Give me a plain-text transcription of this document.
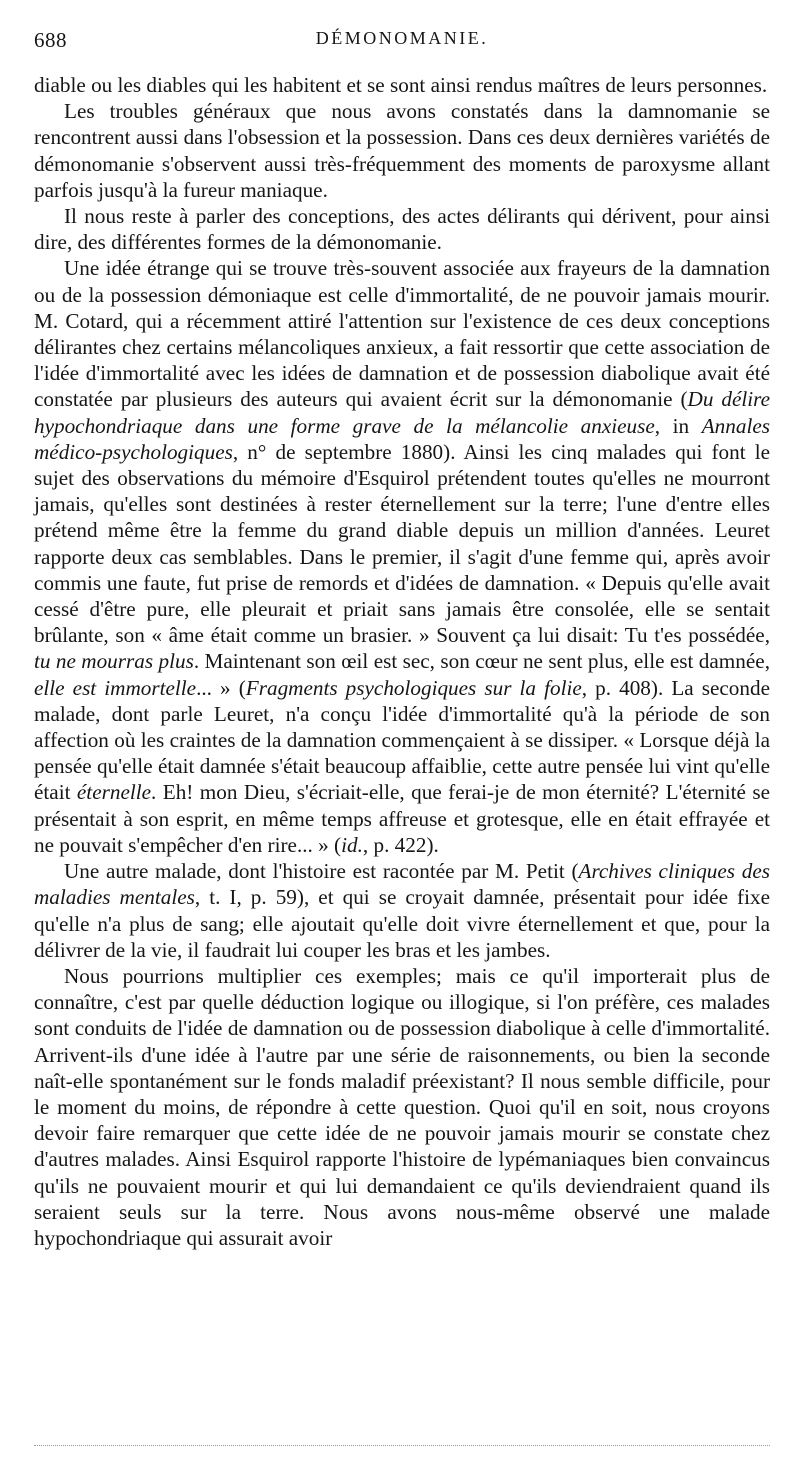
688	DÉMONOMANIE.

diable ou les diables qui les habitent et se sont ainsi rendus maîtres de leurs personnes.

Les troubles généraux que nous avons constatés dans la damnomanie se rencontrent aussi dans l'obsession et la possession. Dans ces deux dernières variétés de démonomanie s'observent aussi très-fréquemment des moments de paroxysme allant parfois jusqu'à la fureur maniaque.

Il nous reste à parler des conceptions, des actes délirants qui dérivent, pour ainsi dire, des différentes formes de la démonomanie.

Une idée étrange qui se trouve très-souvent associée aux frayeurs de la damnation ou de la possession démoniaque est celle d'immortalité, de ne pouvoir jamais mourir. M. Cotard, qui a récemment attiré l'attention sur l'existence de ces deux conceptions délirantes chez certains mélancoliques anxieux, a fait ressortir que cette association de l'idée d'immortalité avec les idées de damnation et de possession diabolique avait été constatée par plusieurs des auteurs qui avaient écrit sur la démonomanie (Du délire hypochondriaque dans une forme grave de la mélancolie anxieuse, in Annales médico-psychologiques, n° de septembre 1880). Ainsi les cinq malades qui font le sujet des observations du mémoire d'Esquirol prétendent toutes qu'elles ne mourront jamais, qu'elles sont destinées à rester éternellement sur la terre; l'une d'entre elles prétend même être la femme du grand diable depuis un million d'années. Leuret rapporte deux cas semblables. Dans le premier, il s'agit d'une femme qui, après avoir commis une faute, fut prise de remords et d'idées de damnation. « Depuis qu'elle avait cessé d'être pure, elle pleurait et priait sans jamais être consolée, elle se sentait brûlante, son « âme était comme un brasier. » Souvent ça lui disait: Tu t'es possédée, tu ne mourras plus. Maintenant son œil est sec, son cœur ne sent plus, elle est damnée, elle est immortelle... » (Fragments psychologiques sur la folie, p. 408). La seconde malade, dont parle Leuret, n'a conçu l'idée d'immortalité qu'à la période de son affection où les craintes de la damnation commençaient à se dissiper. « Lorsque déjà la pensée qu'elle était damnée s'était beaucoup affaiblie, cette autre pensée lui vint qu'elle était éternelle. Eh! mon Dieu, s'écriait-elle, que ferai-je de mon éternité? L'éternité se présentait à son esprit, en même temps affreuse et grotesque, elle en était effrayée et ne pouvait s'empêcher d'en rire... » (id., p. 422).

Une autre malade, dont l'histoire est racontée par M. Petit (Archives cliniques des maladies mentales, t. I, p. 59), et qui se croyait damnée, présentait pour idée fixe qu'elle n'a plus de sang; elle ajoutait qu'elle doit vivre éternellement et que, pour la délivrer de la vie, il faudrait lui couper les bras et les jambes.

Nous pourrions multiplier ces exemples; mais ce qu'il importerait plus de connaître, c'est par quelle déduction logique ou illogique, si l'on préfère, ces malades sont conduits de l'idée de damnation ou de possession diabolique à celle d'immortalité. Arrivent-ils d'une idée à l'autre par une série de raisonnements, ou bien la seconde naît-elle spontanément sur le fonds maladif préexistant? Il nous semble difficile, pour le moment du moins, de répondre à cette question. Quoi qu'il en soit, nous croyons devoir faire remarquer que cette idée de ne pouvoir jamais mourir se constate chez d'autres malades. Ainsi Esquirol rapporte l'histoire de lypémaniaques bien convaincus qu'ils ne pouvaient mourir et qui lui demandaient ce qu'ils deviendraient quand ils seraient seuls sur la terre. Nous avons nous-même observé une malade hypochondriaque qui assurait avoir
